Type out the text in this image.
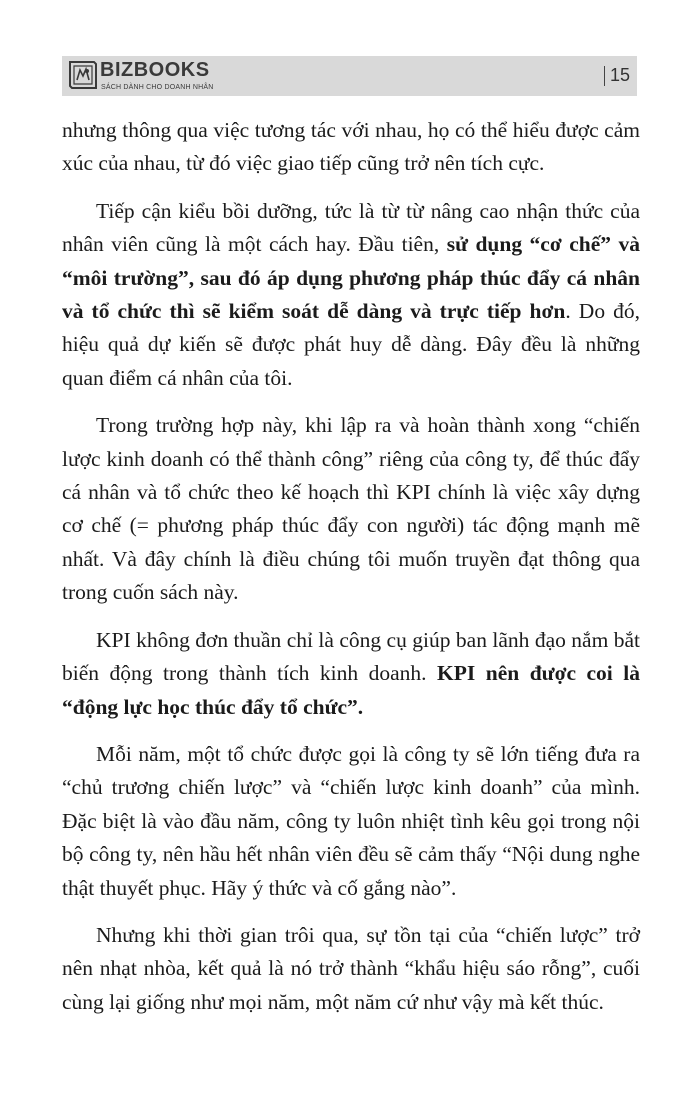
BIZBOOKS
SÁCH DÀNH CHO DOANH NHÂN
15

nhưng thông qua việc tương tác với nhau, họ có thể hiểu được cảm xúc của nhau, từ đó việc giao tiếp cũng trở nên tích cực.

Tiếp cận kiểu bồi dưỡng, tức là từ từ nâng cao nhận thức của nhân viên cũng là một cách hay. Đầu tiên, sử dụng “cơ chế” và “môi trường”, sau đó áp dụng phương pháp thúc đẩy cá nhân và tổ chức thì sẽ kiểm soát dễ dàng và trực tiếp hơn. Do đó, hiệu quả dự kiến sẽ được phát huy dễ dàng. Đây đều là những quan điểm cá nhân của tôi.

Trong trường hợp này, khi lập ra và hoàn thành xong “chiến lược kinh doanh có thể thành công” riêng của công ty, để thúc đẩy cá nhân và tổ chức theo kế hoạch thì KPI chính là việc xây dựng cơ chế (= phương pháp thúc đẩy con người) tác động mạnh mẽ nhất. Và đây chính là điều chúng tôi muốn truyền đạt thông qua trong cuốn sách này.

KPI không đơn thuần chỉ là công cụ giúp ban lãnh đạo nắm bắt biến động trong thành tích kinh doanh. KPI nên được coi là “động lực học thúc đẩy tổ chức”.

Mỗi năm, một tổ chức được gọi là công ty sẽ lớn tiếng đưa ra “chủ trương chiến lược” và “chiến lược kinh doanh” của mình. Đặc biệt là vào đầu năm, công ty luôn nhiệt tình kêu gọi trong nội bộ công ty, nên hầu hết nhân viên đều sẽ cảm thấy “Nội dung nghe thật thuyết phục. Hãy ý thức và cố gắng nào”.

Nhưng khi thời gian trôi qua, sự tồn tại của “chiến lược” trở nên nhạt nhòa, kết quả là nó trở thành “khẩu hiệu sáo rỗng”, cuối cùng lại giống như mọi năm, một năm cứ như vậy mà kết thúc.
